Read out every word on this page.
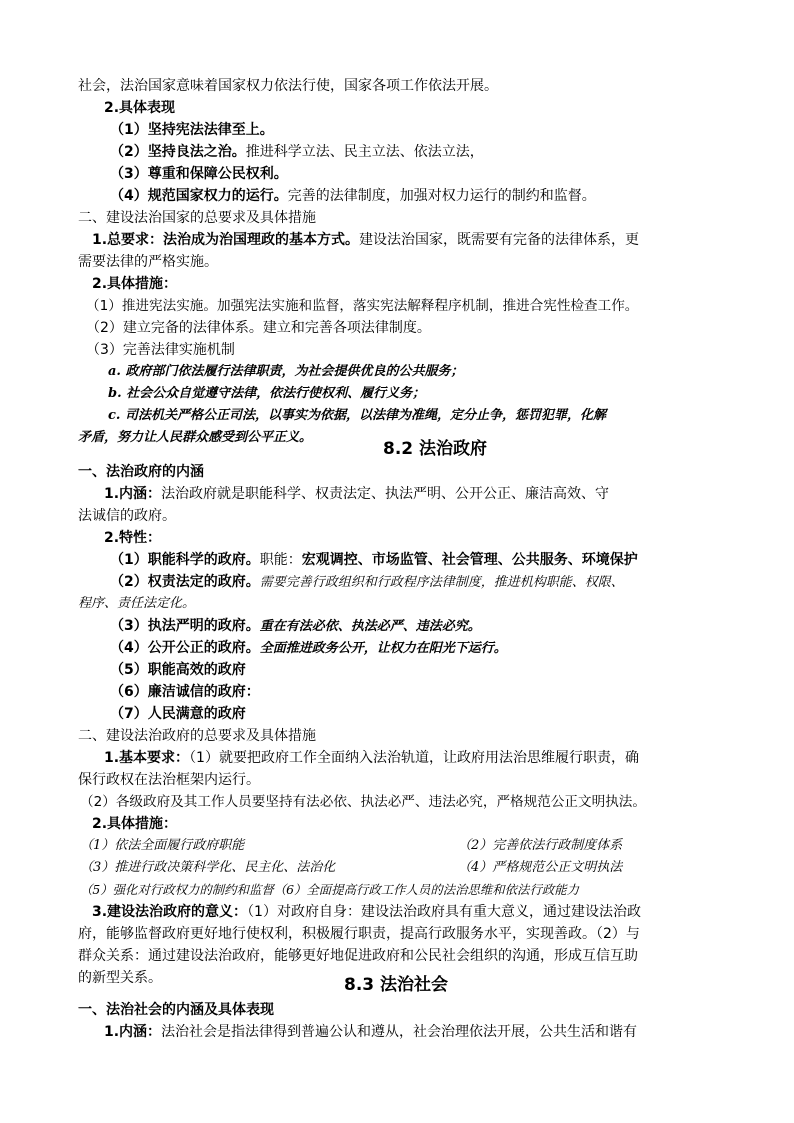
社会，法治国家意味着国家权力依法行使，国家各项工作依法开展。
2.具体表现
（1）坚持宪法法律至上。
（2）坚持良法之治。推进科学立法、民主立法、依法立法，
（3）尊重和保障公民权利。
（4）规范国家权力的运行。完善的法律制度，加强对权力运行的制约和监督。
二、建设法治国家的总要求及具体措施
1.总要求：法治成为治国理政的基本方式。建设法治国家，既需要有完备的法律体系，更
需要法律的严格实施。
2.具体措施：
（1）推进宪法实施。加强宪法实施和监督，落实宪法解释程序机制，推进合宪性检查工作。
（2）建立完备的法律体系。建立和完善各项法律制度。
（3）完善法律实施机制
a. 政府部门依法履行法律职责，为社会提供优良的公共服务；
b. 社会公众自觉遵守法律，依法行使权利、履行义务；
c. 司法机关严格公正司法，以事实为依据，以法律为准绳，定分止争，惩罚犯罪，化解
矛盾，努力让人民群众感受到公平正义。
8.2 法治政府
一、法治政府的内涵
1.内涵：法治政府就是职能科学、权责法定、执法严明、公开公正、廉洁高效、守
法诚信的政府。
2.特性：
（1）职能科学的政府。职能：宏观调控、市场监管、社会管理、公共服务、环境保护
（2）权责法定的政府。需要完善行政组织和行政程序法律制度，推进机构职能、权限、
程序、责任法定化。
（3）执法严明的政府。重在有法必依、执法必严、违法必究。
（4）公开公正的政府。全面推进政务公开，让权力在阳光下运行。
（5）职能高效的政府
（6）廉洁诚信的政府：
（7）人民满意的政府
二、建设法治政府的总要求及具体措施
1.基本要求：（1）就要把政府工作全面纳入法治轨道，让政府用法治思维履行职责，确
保行政权在法治框架内运行。
（2）各级政府及其工作人员要坚持有法必依、执法必严、违法必究，严格规范公正文明执法。
2.具体措施：
（1）依法全面履行政府职能	（2）完善依法行政制度体系
（3）推进行政决策科学化、民主化、法治化	（4）严格规范公正文明执法
（5）强化对行政权力的制约和监督（6）全面提高行政工作人员的法治思维和依法行政能力
3.建设法治政府的意义：（1）对政府自身：建设法治政府具有重大意义，通过建设法治政
府，能够监督政府更好地行使权利，积极履行职责，提高行政服务水平，实现善政。（2）与
群众关系：通过建设法治政府，能够更好地促进政府和公民社会组织的沟通，形成互信互助
的新型关系。	8.3 法治社会
一、法治社会的内涵及具体表现
1.内涵：法治社会是指法律得到普遍公认和遵从，社会治理依法开展，公共生活和谐有
